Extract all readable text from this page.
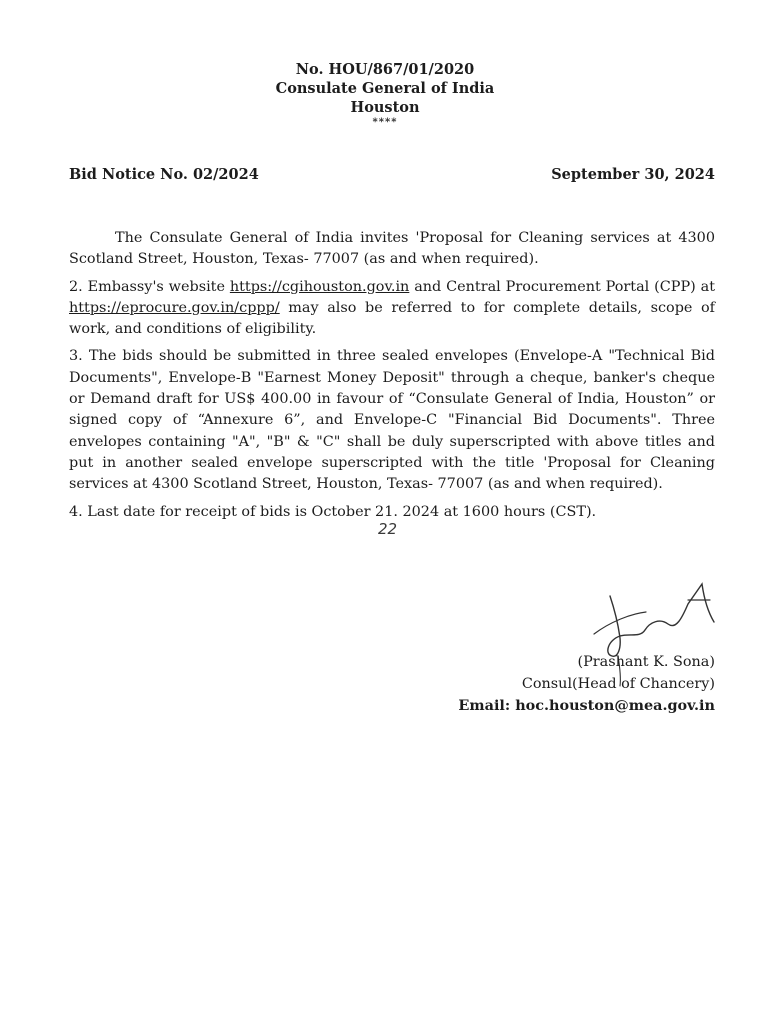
No. HOU/867/01/2020
Consulate General of India
Houston
****
Bid Notice No. 02/2024	September 30, 2024

The Consulate General of India invites 'Proposal for Cleaning services at 4300 Scotland Street, Houston, Texas- 77007 (as and when required).

2. Embassy's website https://cgihouston.gov.in and Central Procurement Portal (CPP) at https://eprocure.gov.in/cppp/ may also be referred to for complete details, scope of work, and conditions of eligibility.

3. The bids should be submitted in three sealed envelopes (Envelope-A "Technical Bid Documents", Envelope-B "Earnest Money Deposit" through a cheque, banker's cheque or Demand draft for US$ 400.00 in favour of “Consulate General of India, Houston” or signed copy of “Annexure 6”, and Envelope-C "Financial Bid Documents". Three envelopes containing "A", "B" & "C" shall be duly superscripted with above titles and put in another sealed envelope superscripted with the title 'Proposal for Cleaning services at 4300 Scotland Street, Houston, Texas- 77007 (as and when required).

4. Last date for receipt of bids is October 21. 2024 at 1600 hours (CST).

22
(Prashant K. Sona)
Consul(Head of Chancery)
Email: hoc.houston@mea.gov.in
